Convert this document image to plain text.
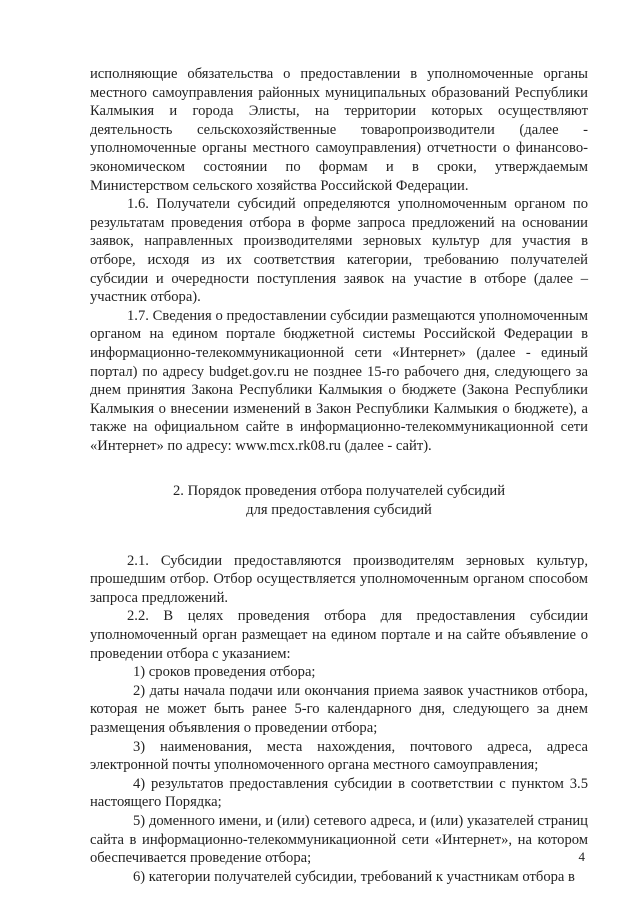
исполняющие обязательства о предоставлении в уполномоченные органы местного самоуправления районных муниципальных образований Республики Калмыкия и города Элисты, на территории которых осуществляют деятельность сельскохозяйственные товаропроизводители (далее - уполномоченные органы местного самоуправления) отчетности о финансово-экономическом состоянии по формам и в сроки, утверждаемым Министерством сельского хозяйства Российской Федерации.

1.6. Получатели субсидий определяются уполномоченным органом по результатам проведения отбора в форме запроса предложений на основании заявок, направленных производителями зерновых культур для участия в отборе, исходя из их соответствия категории, требованию получателей субсидии и очередности поступления заявок на участие в отборе (далее – участник отбора).

1.7. Сведения о предоставлении субсидии размещаются уполномоченным органом на едином портале бюджетной системы Российской Федерации в информационно-телекоммуникационной сети «Интернет» (далее - единый портал) по адресу budget.gov.ru не позднее 15-го рабочего дня, следующего за днем принятия Закона Республики Калмыкия о бюджете (Закона Республики Калмыкия о внесении изменений в Закон Республики Калмыкия о бюджете), а также на официальном сайте в информационно-телекоммуникационной сети «Интернет» по адресу: www.mcx.rk08.ru (далее - сайт).

2. Порядок проведения отбора получателей субсидий
для предоставления субсидий

2.1. Субсидии предоставляются производителям зерновых культур, прошедшим отбор. Отбор осуществляется уполномоченным органом способом запроса предложений.

2.2. В целях проведения отбора для предоставления субсидии уполномоченный орган размещает на едином портале и на сайте объявление о проведении отбора с указанием:

1) сроков проведения отбора;

2) даты начала подачи или окончания приема заявок участников отбора, которая не может быть ранее 5-го календарного дня, следующего за днем размещения объявления о проведении отбора;

3) наименования, места нахождения, почтового адреса, адреса электронной почты уполномоченного органа местного самоуправления;

4) результатов предоставления субсидии в соответствии с пунктом 3.5 настоящего Порядка;

5) доменного имени, и (или) сетевого адреса, и (или) указателей страниц сайта в информационно-телекоммуникационной сети «Интернет», на котором обеспечивается проведение отбора;

6) категории получателей субсидии, требований к участникам отбора в

4
